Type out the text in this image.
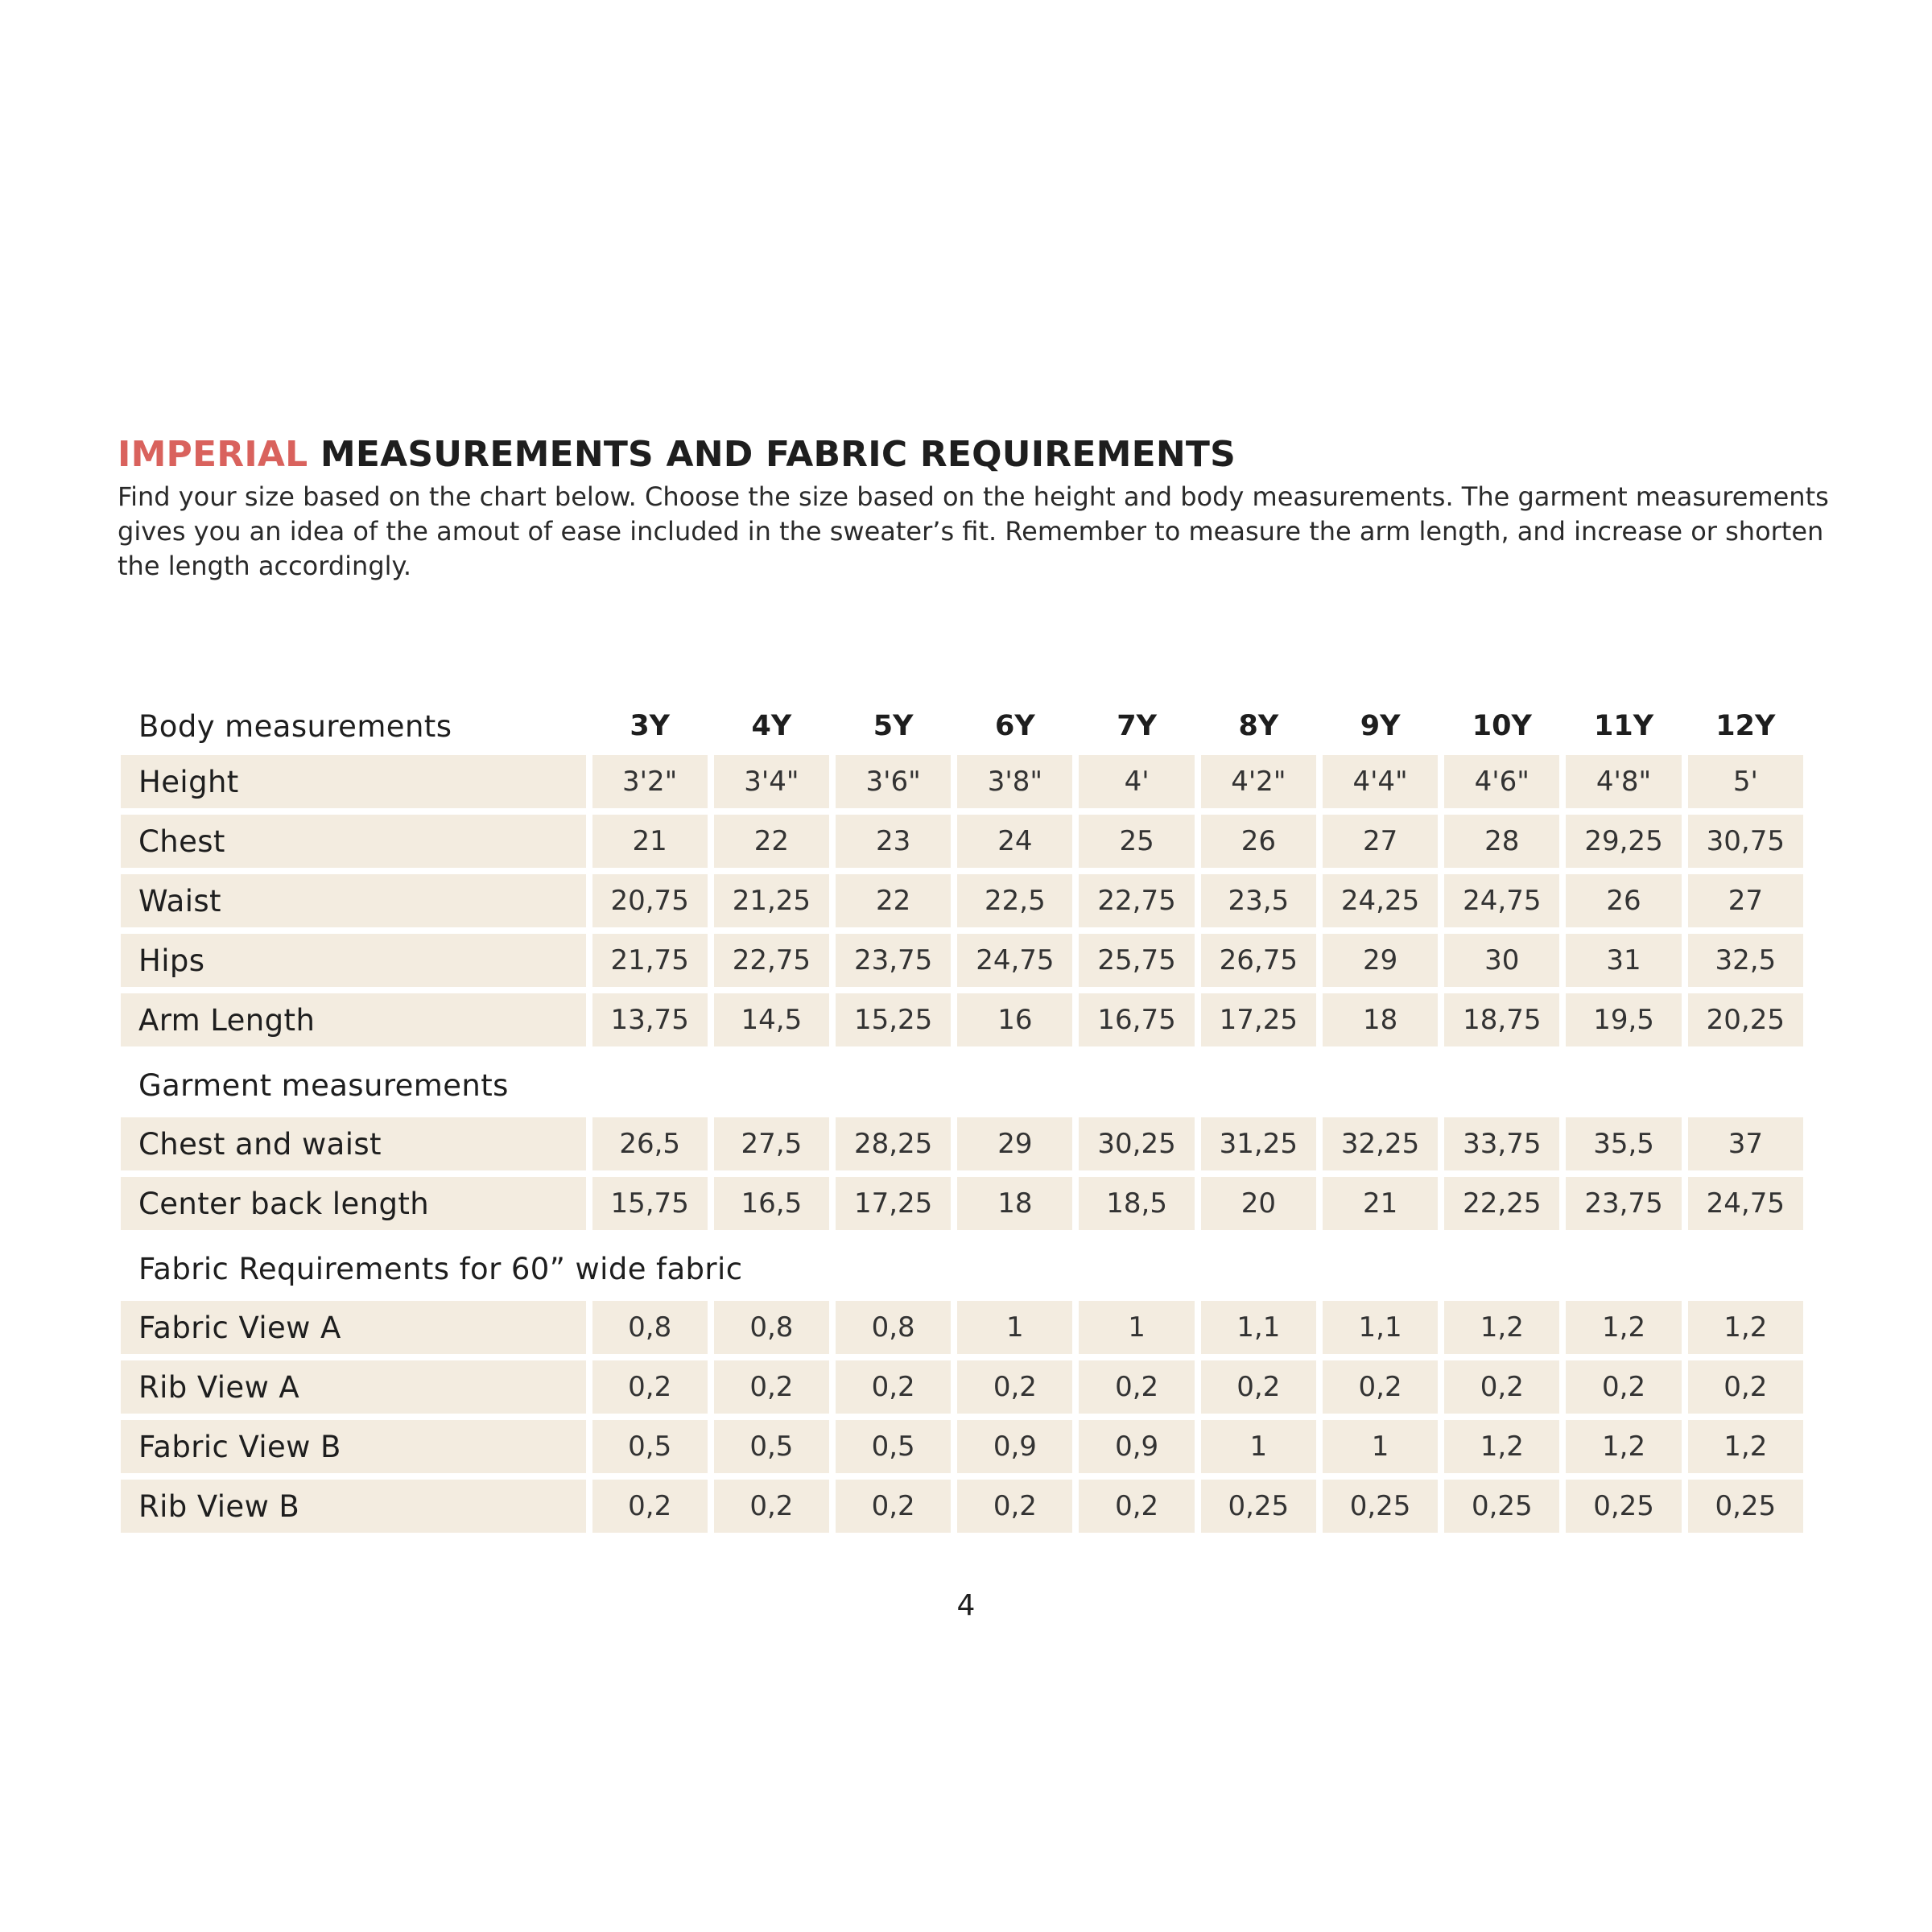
IMPERIAL MEASUREMENTS AND FABRIC REQUIREMENTS

Find your size based on the chart below. Choose the size based on the height and body measurements. The garment measurements gives you an idea of the amout of ease included in the sweater’s fit. Remember to measure the arm length, and increase or shorten the length accordingly.

Body measurements	3Y	4Y	5Y	6Y	7Y	8Y	9Y	10Y	11Y	12Y
Height	3'2"	3'4"	3'6"	3'8"	4'	4'2"	4'4"	4'6"	4'8"	5'
Chest	21	22	23	24	25	26	27	28	29,25	30,75
Waist	20,75	21,25	22	22,5	22,75	23,5	24,25	24,75	26	27
Hips	21,75	22,75	23,75	24,75	25,75	26,75	29	30	31	32,5
Arm Length	13,75	14,5	15,25	16	16,75	17,25	18	18,75	19,5	20,25
Garment measurements										
Chest and waist	26,5	27,5	28,25	29	30,25	31,25	32,25	33,75	35,5	37
Center back length	15,75	16,5	17,25	18	18,5	20	21	22,25	23,75	24,75
Fabric Requirements for 60” wide fabric										
Fabric View A	0,8	0,8	0,8	1	1	1,1	1,1	1,2	1,2	1,2
Rib View A	0,2	0,2	0,2	0,2	0,2	0,2	0,2	0,2	0,2	0,2
Fabric View B	0,5	0,5	0,5	0,9	0,9	1	1	1,2	1,2	1,2
Rib View B	0,2	0,2	0,2	0,2	0,2	0,25	0,25	0,25	0,25	0,25
4
